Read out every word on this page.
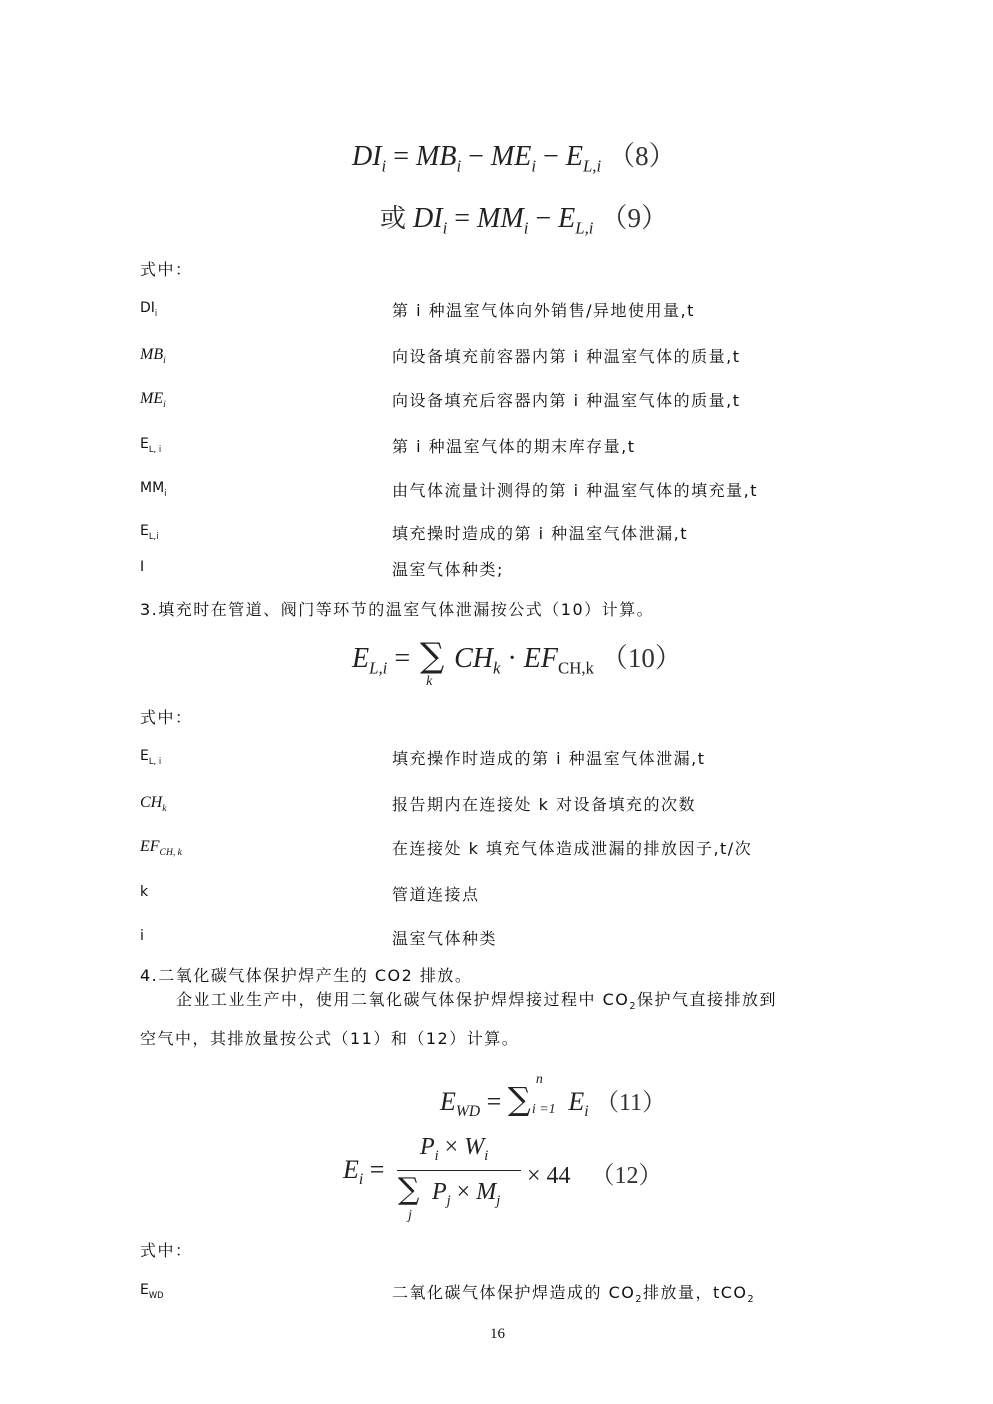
$DI_i = MB_i - ME_i - E_{L,i}$ （8）
或 $DI_i = MM_i - E_{L,i}$ （9）
式中：
$DI_i$	第 i 种温室气体向外销售/异地使用量,t
$MB_i$	向设备填充前容器内第 i 种温室气体的质量,t
$ME_i$	向设备填充后容器内第 i 种温室气体的质量,t
$E_{L, i}$	第 i 种温室气体的期末库存量,t
$MM_i$	由气体流量计测得的第 i 种温室气体的填充量,t
$E_{L,i}$	填充操时造成的第 i 种温室气体泄漏,t
I	温室气体种类;
3.填充时在管道、阀门等环节的温室气体泄漏按公式（10）计算。
$E_{L,i}$ = ∑
k
$CH_k \cdot EF_{CH,k}$ （10）
式中：
$E_{L, i}$	填充操作时造成的第 i 种温室气体泄漏,t
$CH_k$	报告期内在连接处 k 对设备填充的次数
$EF_{CH, k}$	在连接处 k 填充气体造成泄漏的排放因子,t/次
k	管道连接点
i	温室气体种类
4.二氧化碳气体保护焊产生的 CO2 排放。
企业工业生产中，使用二氧化碳气体保护焊焊接过程中 $CO_2$保护气直接排放到
空气中，其排放量按公式（11）和（12）计算。
$E_{WD}$ = ∑
n
i =1 $E_i$ （11）
$E_i$ =
$P_i \times W_i$
∑
j
$P_j \times M_j$
× 44 （12）
式中：
$E_{WD}$	二氧化碳气体保护焊造成的 $CO_2$排放量，tCO$_2$
16
